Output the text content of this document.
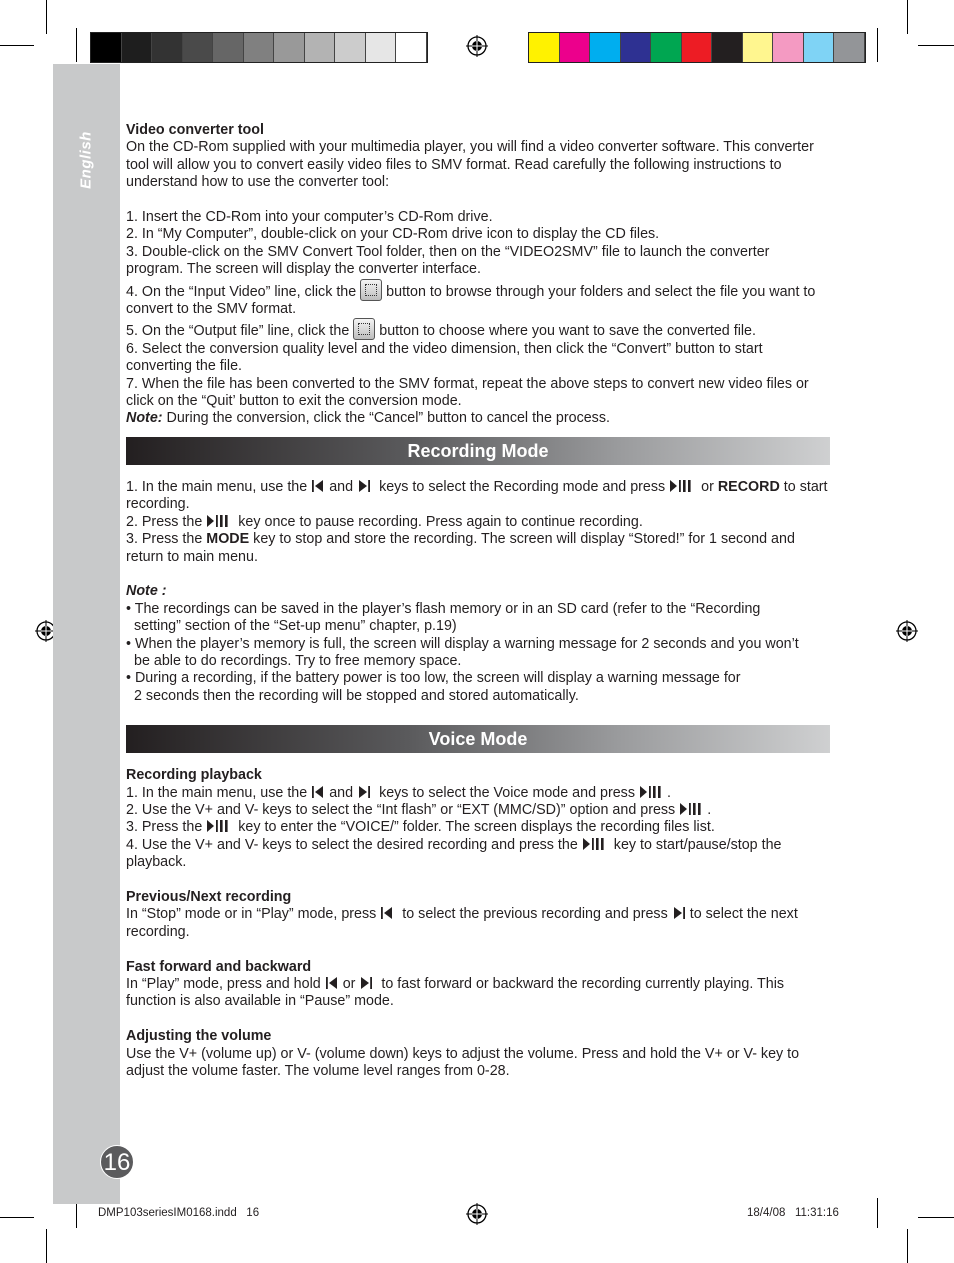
English
16

Video converter tool

On the CD-Rom supplied with your multimedia player, you will find a video converter software. This converter tool will allow you to convert easily video files to SMV format. Read carefully the following instructions to understand how to use the converter tool:

1. Insert the CD-Rom into your computer’s CD-Rom drive.

2. In “My Computer”, double-click on your CD-Rom drive icon to display the CD files.

3. Double-click on the SMV Convert Tool folder, then on the “VIDEO2SMV” file to launch the converter program. The screen will display the converter interface.

4. On the “Input Video” line, click the button to browse through your folders and select the file you want to convert to the SMV format.

5. On the “Output file” line, click the button to choose where you want to save the converted file.

6. Select the conversion quality level and the video dimension, then click the “Convert” button to start converting the file.

7. When the file has been converted to the SMV format, repeat the above steps to convert new video files or click on the “Quit’ button to exit the conversion mode.

Note: During the conversion, click the “Cancel” button to cancel the process.

Recording Mode

1. In the main menu, use the and keys to select the Recording mode and press	or RECORD to start recording.

2. Press the	key once to pause recording. Press again to continue recording.

3. Press the MODE key to stop and store the recording. The screen will display “Stored!” for 1 second and return to main menu.

Note :

• The recordings can be saved in the player’s flash memory or in an SD card (refer to the “Recording

setting” section of the “Set-up menu” chapter, p.19)

• When the player’s memory is full, the screen will display a warning message for 2 seconds and you won’t

be able to do recordings. Try to free memory space.

• During a recording, if the battery power is too low, the screen will display a warning message for

2 seconds then the recording will be stopped and stored automatically.

Voice Mode

Recording playback

1. In the main menu, use the and keys to select the Voice mode and press .

2. Use the V+ and V- keys to select the “Int flash” or “EXT (MMC/SD)” option and press .

3. Press the	key to enter the “VOICE/” folder. The screen displays the recording files list.

4. Use the V+ and V- keys to select the desired recording and press the	key to start/pause/stop the playback.

Previous/Next recording

In “Stop” mode or in “Play” mode, press to select the previous recording and press to select the next recording.

Fast forward and backward

In “Play” mode, press and hold or to fast forward or backward the recording currently playing. This function is also available in “Pause” mode.

Adjusting the volume

Use the V+ (volume up) or V- (volume down) keys to adjust the volume. Press and hold the V+ or V- key to adjust the volume faster. The volume level ranges from 0-28.

DMP103seriesIM0168.indd   16	18/4/08   11:31:16
